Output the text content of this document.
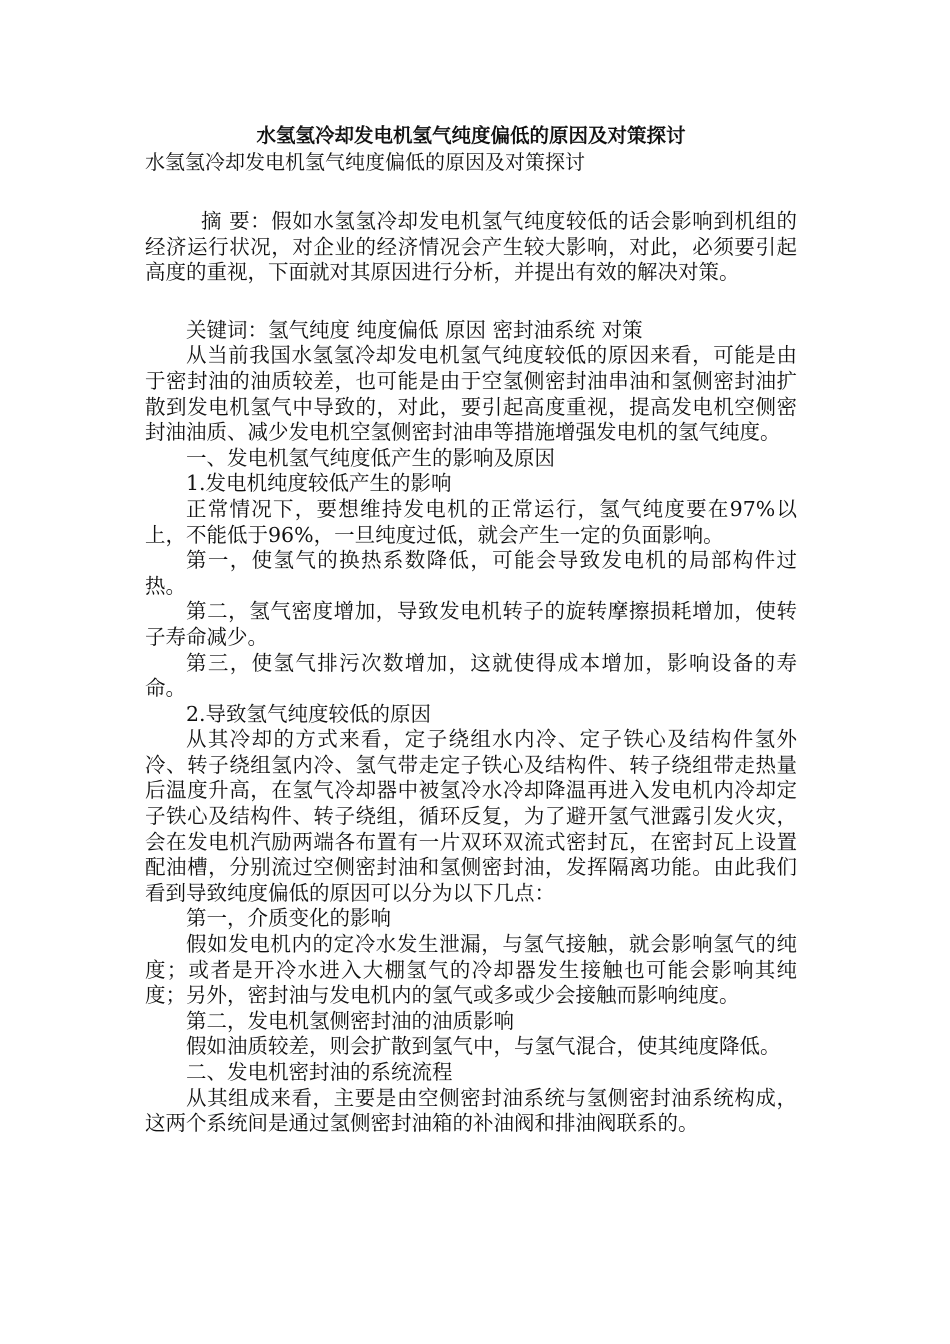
水氢氢冷却发电机氢气纯度偏低的原因及对策探讨

水氢氢冷却发电机氢气纯度偏低的原因及对策探讨

摘 要：假如水氢氢冷却发电机氢气纯度较低的话会影响到机组的经济运行状况，对企业的经济情况会产生较大影响，对此，必须要引起高度的重视，下面就对其原因进行分析，并提出有效的解决对策。

关键词：氢气纯度 纯度偏低 原因 密封油系统 对策

从当前我国水氢氢冷却发电机氢气纯度较低的原因来看，可能是由于密封油的油质较差，也可能是由于空氢侧密封油串油和氢侧密封油扩散到发电机氢气中导致的，对此，要引起高度重视，提高发电机空侧密封油油质、减少发电机空氢侧密封油串等措施增强发电机的氢气纯度。

一、发电机氢气纯度低产生的影响及原因

1.发电机纯度较低产生的影响

正常情况下，要想维持发电机的正常运行，氢气纯度要在97%以上，不能低于96%，一旦纯度过低，就会产生一定的负面影响。

第一，使氢气的换热系数降低，可能会导致发电机的局部构件过热。

第二，氢气密度增加，导致发电机转子的旋转摩擦损耗增加，使转子寿命减少。

第三，使氢气排污次数增加，这就使得成本增加，影响设备的寿命。

2.导致氢气纯度较低的原因

从其冷却的方式来看，定子绕组水内冷、定子铁心及结构件氢外冷、转子绕组氢内冷、氢气带走定子铁心及结构件、转子绕组带走热量后温度升高，在氢气冷却器中被氢冷水冷却降温再进入发电机内冷却定子铁心及结构件、转子绕组，循环反复，为了避开氢气泄露引发火灾，会在发电机汽励两端各布置有一片双环双流式密封瓦，在密封瓦上设置配油槽，分别流过空侧密封油和氢侧密封油，发挥隔离功能。由此我们看到导致纯度偏低的原因可以分为以下几点：

第一，介质变化的影响

假如发电机内的定冷水发生泄漏，与氢气接触，就会影响氢气的纯度；或者是开冷水进入大棚氢气的冷却器发生接触也可能会影响其纯度；另外，密封油与发电机内的氢气或多或少会接触而影响纯度。

第二，发电机氢侧密封油的油质影响

假如油质较差，则会扩散到氢气中，与氢气混合，使其纯度降低。

二、发电机密封油的系统流程

从其组成来看，主要是由空侧密封油系统与氢侧密封油系统构成，这两个系统间是通过氢侧密封油箱的补油阀和排油阀联系的。
